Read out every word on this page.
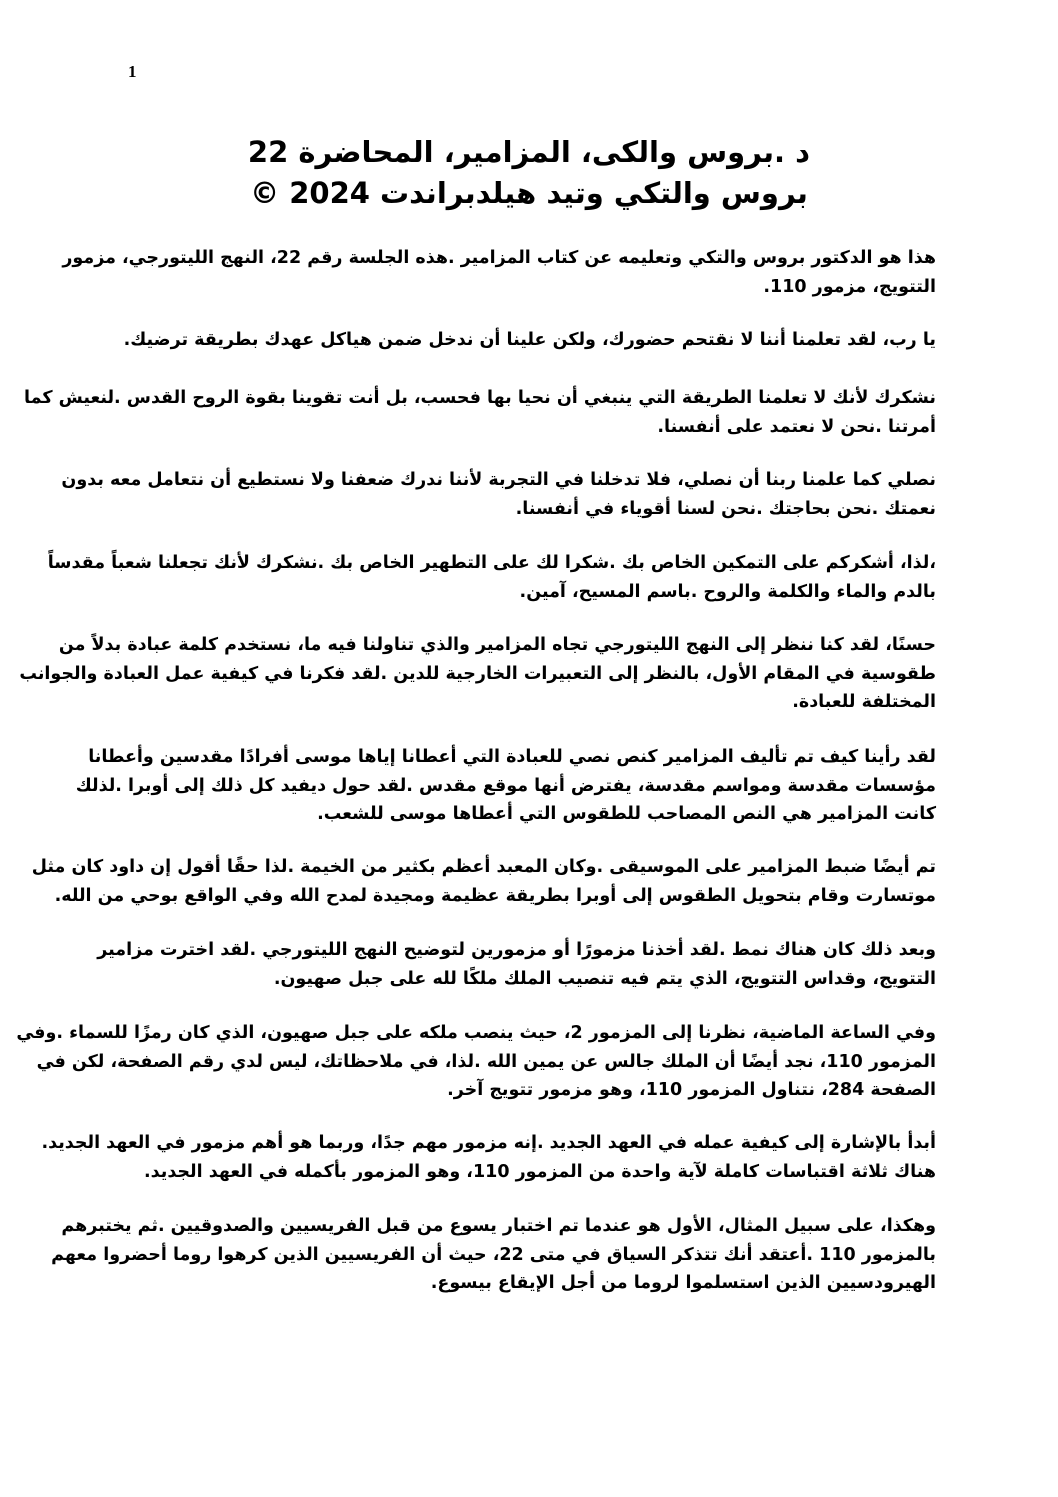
1
د .بروس والكى، المزامير، المحاضرة 22
بروس والتكي وتيد هيلدبراندت 2024 ©
هذا هو الدكتور بروس والتكي وتعليمه عن كتاب المزامير .هذه الجلسة رقم 22، النهج الليتورجي، مزمور
التتويج، مزمور 110.
يا رب، لقد تعلمنا أننا لا نقتحم حضورك، ولكن علينا أن ندخل ضمن هياكل عهدك بطريقة ترضيك.
نشكرك لأنك لا تعلمنا الطريقة التي ينبغي أن نحيا بها فحسب، بل أنت تقوينا بقوة الروح القدس .لنعيش كما
أمرتنا .نحن لا نعتمد على أنفسنا.
نصلي كما علمنا ربنا أن نصلي، فلا تدخلنا في التجربة لأننا ندرك ضعفنا ولا نستطيع أن نتعامل معه بدون
نعمتك .نحن بحاجتك .نحن لسنا أقوياء في أنفسنا.
،لذا، أشكركم على التمكين الخاص بك .شكرا لك على التطهير الخاص بك .نشكرك لأنك تجعلنا شعباً مقدساً
بالدم والماء والكلمة والروح .باسم المسيح، آمين.
حسنًا، لقد كنا ننظر إلى النهج الليتورجي تجاه المزامير والذي تناولنا فيه ما، نستخدم كلمة عبادة بدلاً من
طقوسية في المقام الأول، بالنظر إلى التعبيرات الخارجية للدين .لقد فكرنا في كيفية عمل العبادة والجوانب
المختلفة للعبادة.
لقد رأينا كيف تم تأليف المزامير كنص نصي للعبادة التي أعطانا إياها موسى أفرادًا مقدسين وأعطانا
مؤسسات مقدسة ومواسم مقدسة، يفترض أنها موقع مقدس .لقد حول ديفيد كل ذلك إلى أوبرا .لذلك
كانت المزامير هي النص المصاحب للطقوس التي أعطاها موسى للشعب.
تم أيضًا ضبط المزامير على الموسيقى .وكان المعبد أعظم بكثير من الخيمة .لذا حقًا أقول إن داود كان مثل
موتسارت وقام بتحويل الطقوس إلى أوبرا بطريقة عظيمة ومجيدة لمدح الله وفي الواقع بوحي من الله.
وبعد ذلك كان هناك نمط .لقد أخذنا مزمورًا أو مزمورين لتوضيح النهج الليتورجي .لقد اخترت مزامير
التتويج، وقداس التتويج، الذي يتم فيه تنصيب الملك ملكًا لله على جبل صهيون.
وفي الساعة الماضية، نظرنا إلى المزمور 2، حيث ينصب ملكه على جبل صهيون، الذي كان رمزًا للسماء .وفي
المزمور 110، نجد أيضًا أن الملك جالس عن يمين الله .لذا، في ملاحظاتك، ليس لدي رقم الصفحة، لكن في
الصفحة 284، نتناول المزمور 110، وهو مزمور تتويج آخر.
أبدأ بالإشارة إلى كيفية عمله في العهد الجديد .إنه مزمور مهم جدًا، وربما هو أهم مزمور في العهد الجديد.
هناك ثلاثة اقتباسات كاملة لآية واحدة من المزمور 110، وهو المزمور بأكمله في العهد الجديد.
وهكذا، على سبيل المثال، الأول هو عندما تم اختبار يسوع من قبل الفريسيين والصدوقيين .ثم يختبرهم
بالمزمور 110 .أعتقد أنك تتذكر السياق في متى 22، حيث أن الفريسيين الذين كرهوا روما أحضروا معهم
الهيرودسيين الذين استسلموا لروما من أجل الإيقاع بيسوع.
